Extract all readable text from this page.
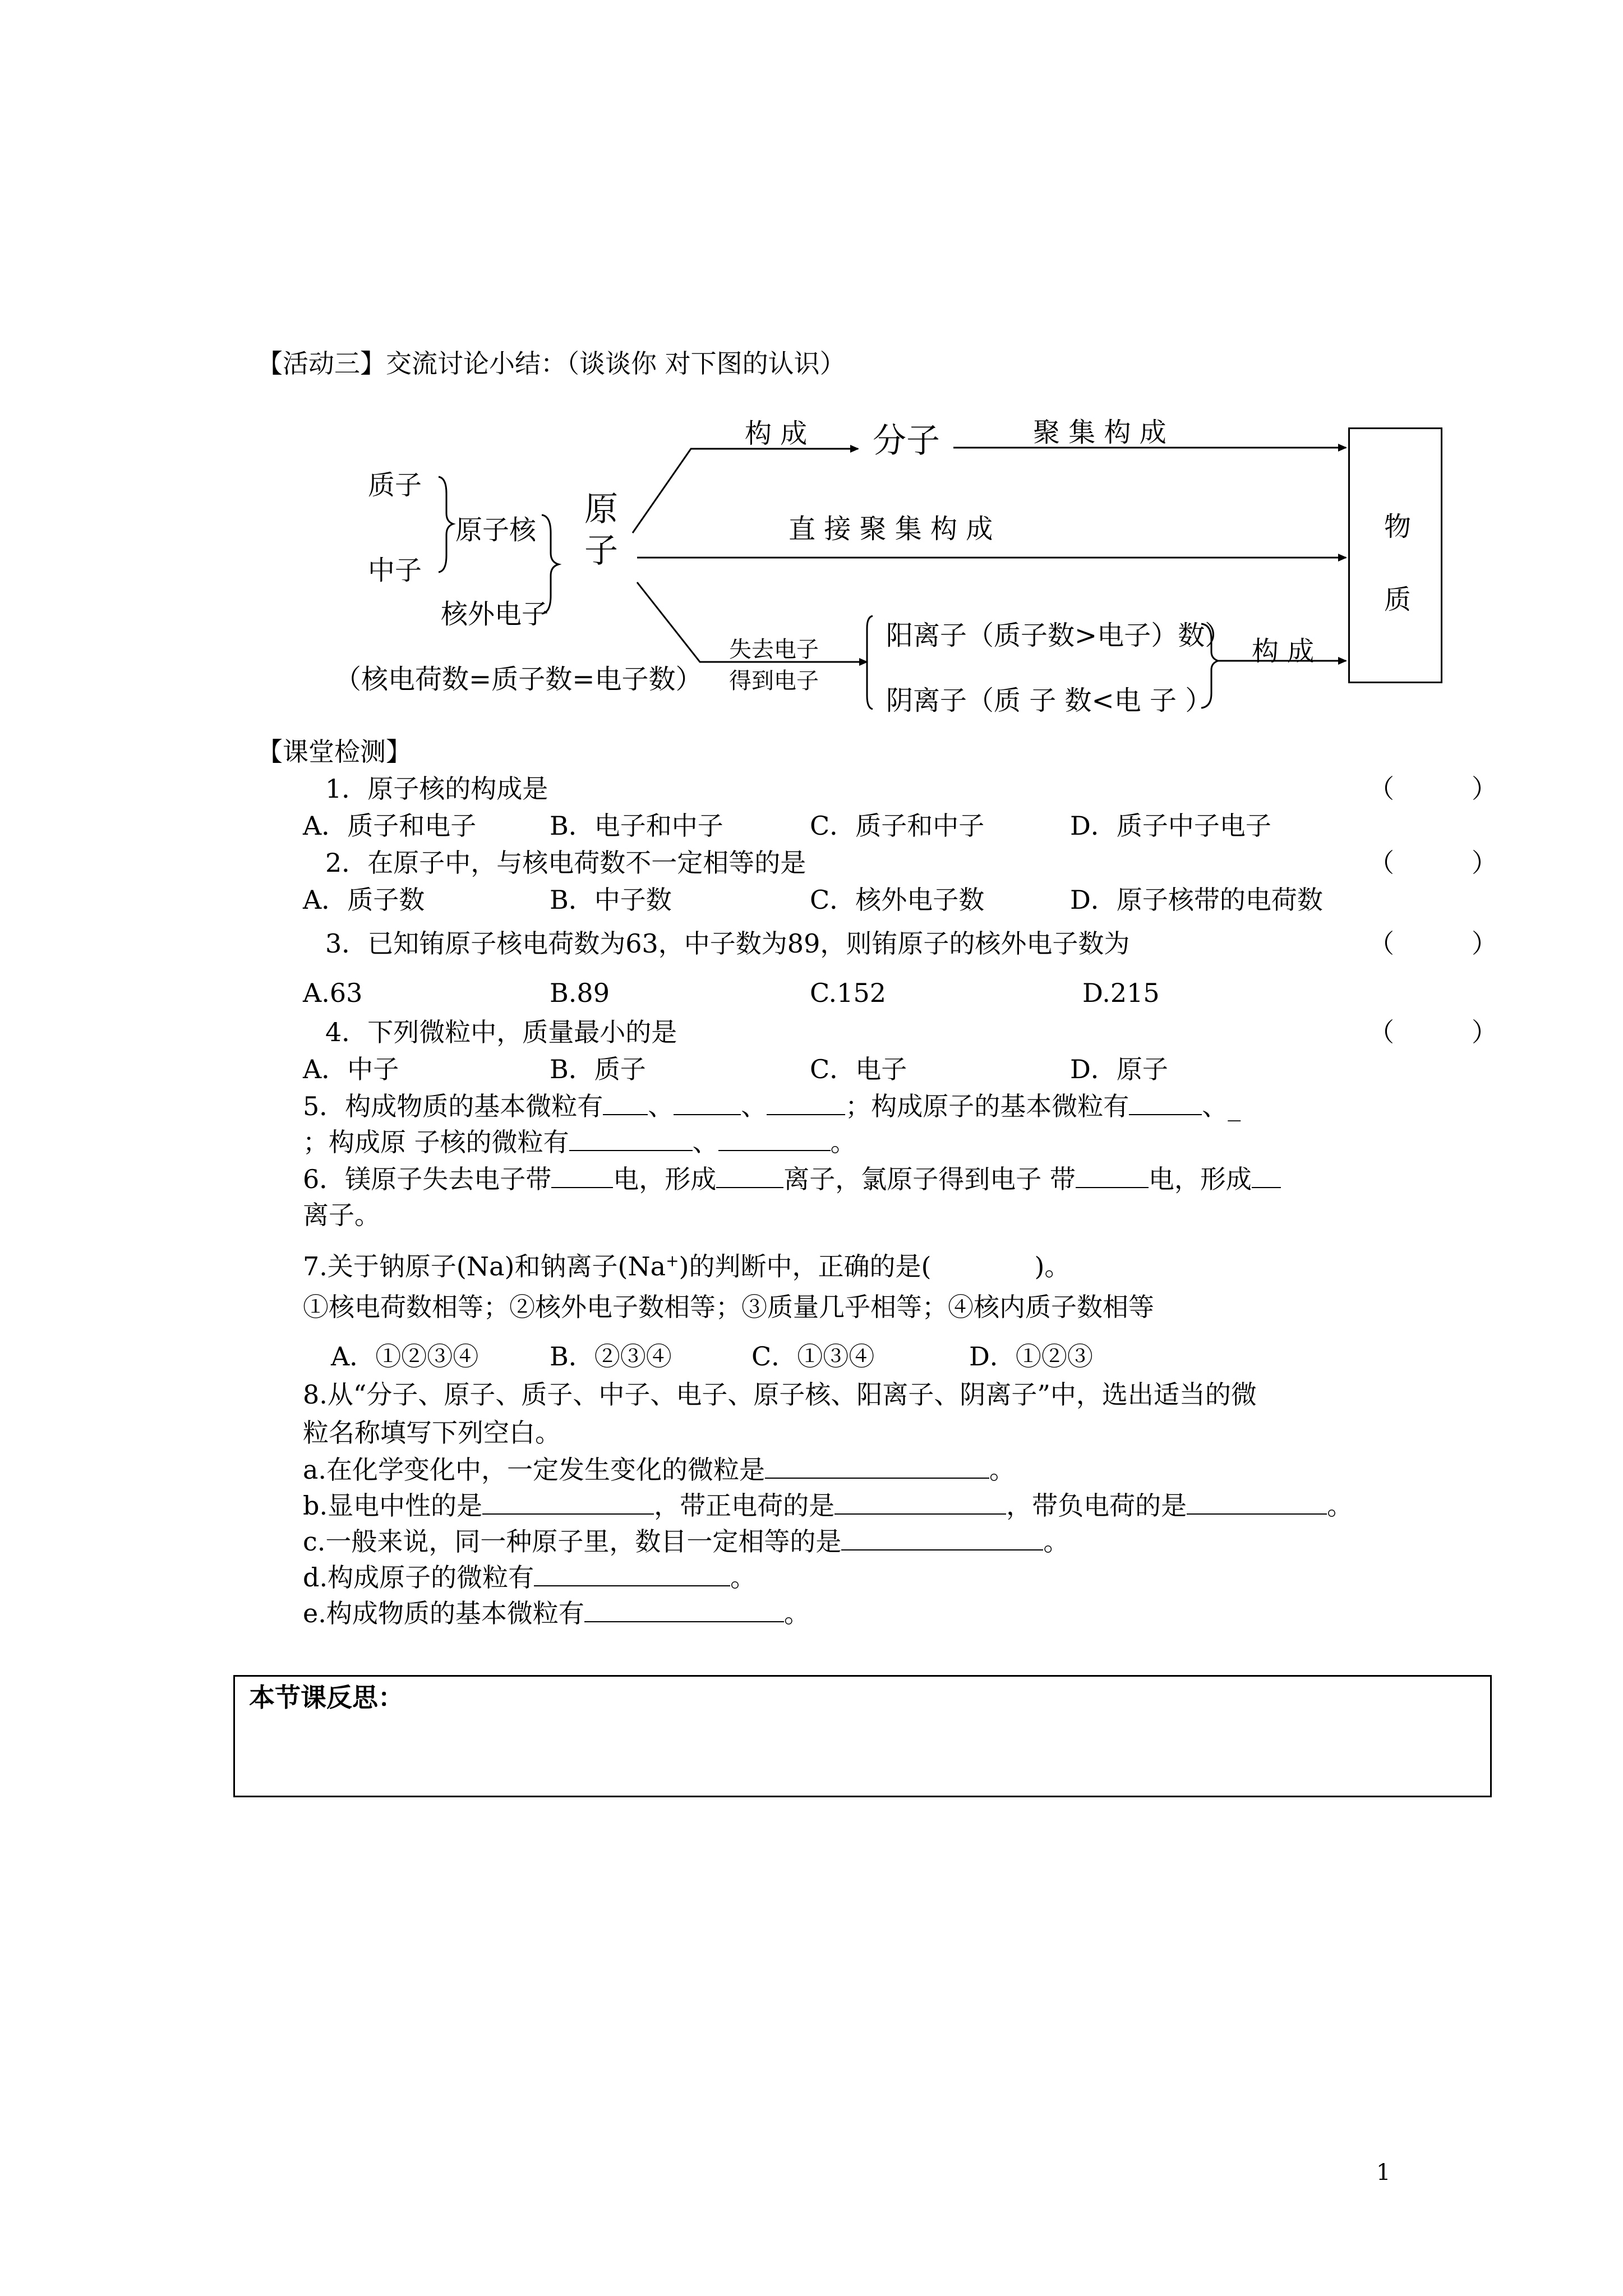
【活动三】交流讨论小结：（谈谈你 对下图的认识）
质子
中子
原子核
核外电子
原
子
（核电荷数=质子数=电子数）
构 成 分子	聚 集 构 成
直 接 聚 集 构 成
失去电子
得到电子
阳离子（质子数>电子）数）
阴离子（质 子 数<电 子 ）
构 成
物
质
【课堂检测】
1．原子核的构成是	（　　　）
A．质子和电子	B．电子和中子	C．质子和中子	D．质子中子电子
2．在原子中，与核电荷数不一定相等的是	（　　　）
A．质子数	B．中子数	C．核外电子数	D．原子核带的电荷数
3．已知铕原子核电荷数为63，中子数为89，则铕原子的核外电子数为	（　　　）
A.63	B.89	C.152	D.215
4．下列微粒中，质量最小的是	（　　　）
A．中子	B．质子	C．电子	D．原子
5．构成物质的基本微粒有 、	、	；构成原子的基本微粒有	、_
；构成原 子核的微粒有	、	。
6．镁原子失去电子带 电，形成	离子，氯原子得到电子 带	电，形成
离子。
7.关于钠原子(Na)和钠离子(Na+)的判断中，正确的是(　　　　)。
①核电荷数相等；②核外电子数相等；③质量几乎相等；④核内质子数相等
A．①②③④	B．②③④	C．①③④	D．①②③
8.从“分子、原子、质子、中子、电子、原子核、阳离子、阴离子”中，选出适当的微
粒名称填写下列空白。
a.在化学变化中，一定发生变化的微粒是	。
b.显电中性的是	，带正电荷的是	，带负电荷的是	。
c.一般来说，同一种原子里，数目一定相等的是	。
d.构成原子的微粒有	。
e.构成物质的基本微粒有	。
本节课反思：
1
